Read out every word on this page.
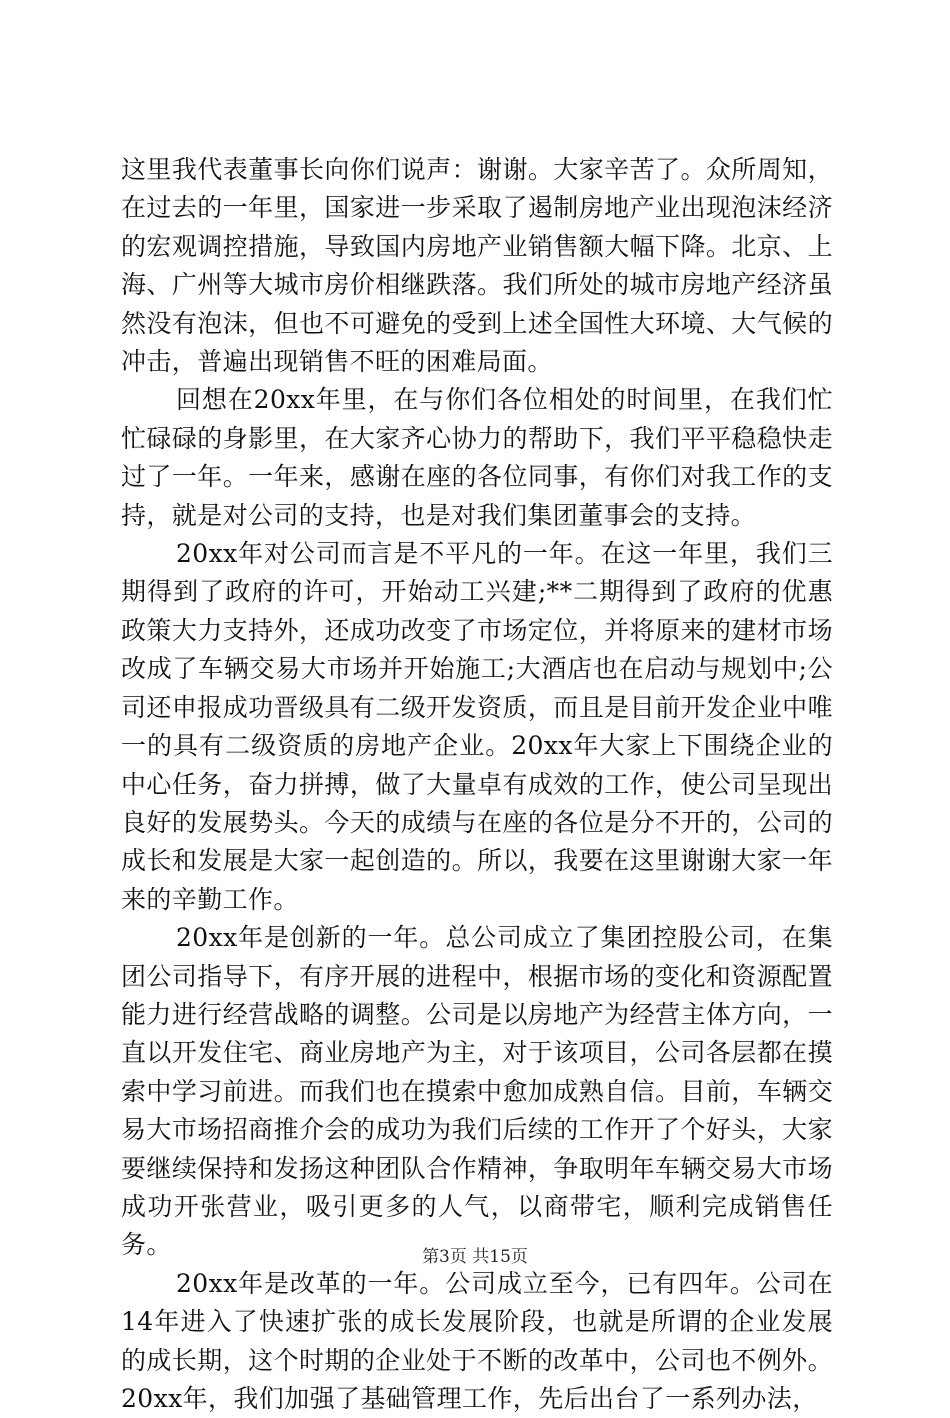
这里我代表董事长向你们说声：谢谢。大家辛苦了。众所周知，在过去的一年里，国家进一步采取了遏制房地产业出现泡沫经济的宏观调控措施，导致国内房地产业销售额大幅下降。北京、上海、广州等大城市房价相继跌落。我们所处的城市房地产经济虽然没有泡沫，但也不可避免的受到上述全国性大环境、大气候的冲击，普遍出现销售不旺的困难局面。

回想在20xx年里，在与你们各位相处的时间里，在我们忙忙碌碌的身影里，在大家齐心协力的帮助下，我们平平稳稳快走过了一年。一年来，感谢在座的各位同事，有你们对我工作的支持，就是对公司的支持，也是对我们集团董事会的支持。

20xx年对公司而言是不平凡的一年。在这一年里，我们三期得到了政府的许可，开始动工兴建;**二期得到了政府的优惠政策大力支持外，还成功改变了市场定位，并将原来的建材市场改成了车辆交易大市场并开始施工;大酒店也在启动与规划中;公司还申报成功晋级具有二级开发资质，而且是目前开发企业中唯一的具有二级资质的房地产企业。20xx年大家上下围绕企业的中心任务，奋力拼搏，做了大量卓有成效的工作，使公司呈现出良好的发展势头。今天的成绩与在座的各位是分不开的，公司的成长和发展是大家一起创造的。所以，我要在这里谢谢大家一年来的辛勤工作。

20xx年是创新的一年。总公司成立了集团控股公司，在集团公司指导下，有序开展的进程中，根据市场的变化和资源配置能力进行经营战略的调整。公司是以房地产为经营主体方向，一直以开发住宅、商业房地产为主，对于该项目，公司各层都在摸索中学习前进。而我们也在摸索中愈加成熟自信。目前，车辆交易大市场招商推介会的成功为我们后续的工作开了个好头，大家要继续保持和发扬这种团队合作精神，争取明年车辆交易大市场成功开张营业，吸引更多的人气，以商带宅，顺利完成销售任务。

20xx年是改革的一年。公司成立至今，已有四年。公司在14年进入了快速扩张的成长发展阶段，也就是所谓的企业发展的成长期，这个时期的企业处于不断的改革中，公司也不例外。20xx年，我们加强了基础管理工作，先后出台了一系列办法，

第3页 共15页
